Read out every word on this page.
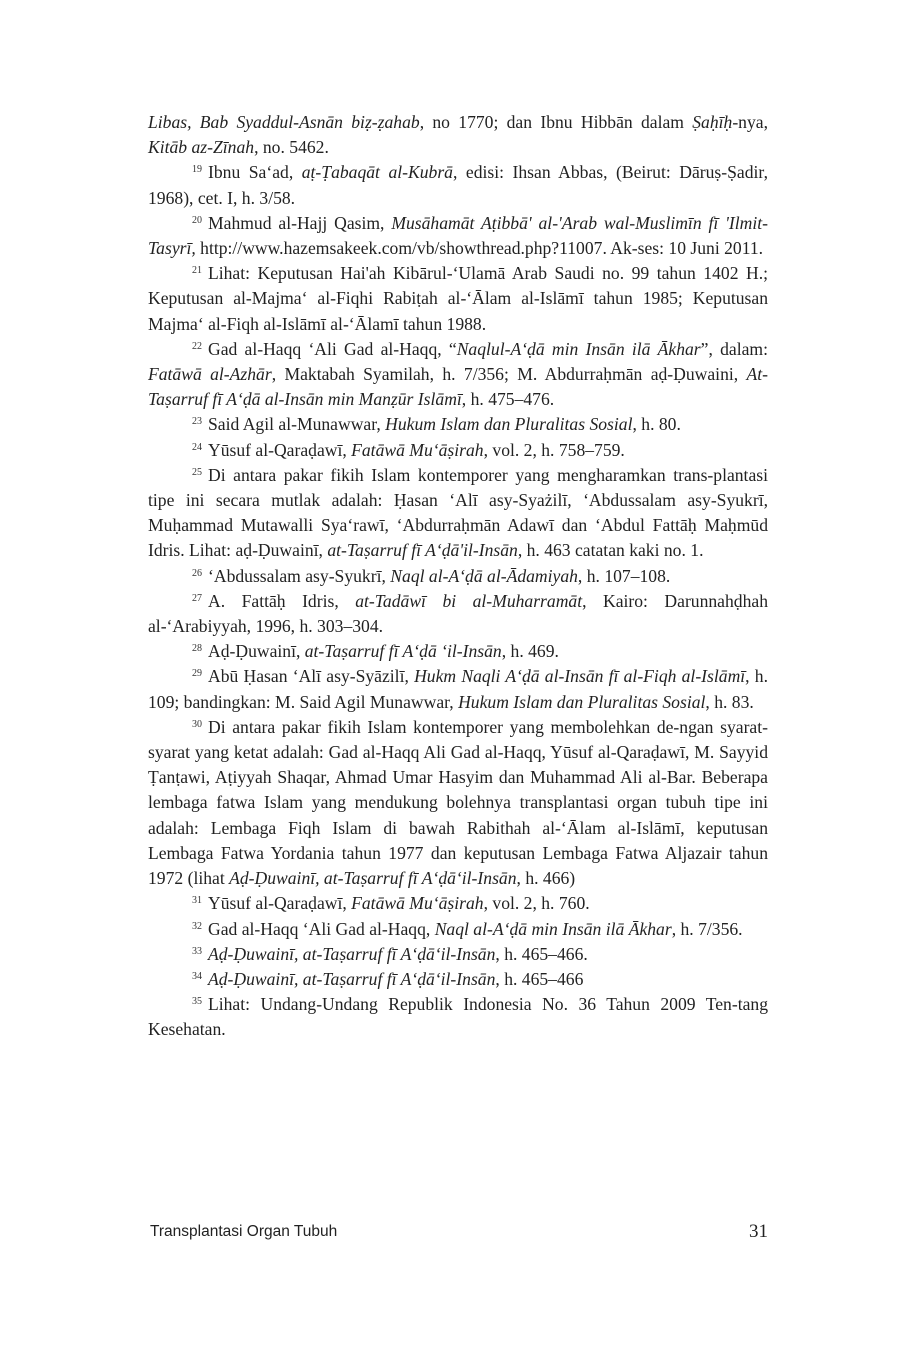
Libas, Bab Syaddul-Asnān biẓ-ẓahab, no 1770; dan Ibnu Hibbān dalam Ṣaḥīḥ-nya, Kitāb az-Zīnah, no. 5462.

$^{19}$ Ibnu Sa‘ad, aṭ-Ṭabaqāt al-Kubrā, edisi: Ihsan Abbas, (Beirut: Dāruṣ-Ṣadir, 1968), cet. I, h. 3/58.

$^{20}$ Mahmud al-Hajj Qasim, Musāhamāt Aṭibbā' al-'Arab wal-Muslimīn fī 'Ilmit-Tasyrī, http://www.hazemsakeek.com/vb/showthread.php?11007. Ak-ses: 10 Juni 2011.

$^{21}$ Lihat: Keputusan Hai'ah Kibārul-‘Ulamā Arab Saudi no. 99 tahun 1402 H.; Keputusan al-Majma‘ al-Fiqhi Rabiṭah al-‘Ālam al-Islāmī tahun 1985; Keputusan Majma‘ al-Fiqh al-Islāmī al-‘Ālamī tahun 1988.

$^{22}$ Gad al-Haqq ‘Ali Gad al-Haqq, “Naqlul-A‘ḍā min Insān ilā Ākhar”, dalam: Fatāwā al-Azhār, Maktabah Syamilah, h. 7/356; M. Abdurraḥmān aḍ-Ḍuwaini, At-Taṣarruf fī A‘ḍā al-Insān min Manẓūr Islāmī, h. 475–476.

$^{23}$ Said Agil al-Munawwar, Hukum Islam dan Pluralitas Sosial, h. 80.

$^{24}$ Yūsuf al-Qaraḍawī, Fatāwā Mu‘āṣirah, vol. 2, h. 758–759.

$^{25}$ Di antara pakar fikih Islam kontemporer yang mengharamkan trans-plantasi tipe ini secara mutlak adalah: Ḥasan ‘Alī asy-Syażilī, ‘Abdussalam asy-Syukrī, Muḥammad Mutawalli Sya‘rawī, ‘Abdurraḥmān Adawī dan ‘Abdul Fattāḥ Maḥmūd Idris. Lihat: aḍ-Ḍuwainī, at-Taṣarruf fī A‘ḍā'il-Insān, h. 463 catatan kaki no. 1.

$^{26}$ ‘Abdussalam asy-Syukrī, Naql al-A‘ḍā al-Ādamiyah, h. 107–108.

$^{27}$ A. Fattāḥ Idris, at-Tadāwī bi al-Muharramāt, Kairo: Darunnahḍhah al-‘Arabiyyah, 1996, h. 303–304.

$^{28}$ Aḍ-Ḍuwainī, at-Taṣarruf fī A‘ḍā ‘il-Insān, h. 469.

$^{29}$ Abū Ḥasan ‘Alī asy-Syāzilī, Hukm Naqli A‘ḍā al-Insān fī al-Fiqh al-Islāmī, h. 109; bandingkan: M. Said Agil Munawwar, Hukum Islam dan Pluralitas Sosial, h. 83.

$^{30}$ Di antara pakar fikih Islam kontemporer yang membolehkan de-ngan syarat-syarat yang ketat adalah: Gad al-Haqq Ali Gad al-Haqq, Yūsuf al-Qaraḍawī, M. Sayyid Ṭanṭawi, Aṭiyyah Shaqar, Ahmad Umar Hasyim dan Muhammad Ali al-Bar. Beberapa lembaga fatwa Islam yang mendukung bolehnya transplantasi organ tubuh tipe ini adalah: Lembaga Fiqh Islam di bawah Rabithah al-‘Ālam al-Islāmī, keputusan Lembaga Fatwa Yordania tahun 1977 dan keputusan Lembaga Fatwa Aljazair tahun 1972 (lihat Aḍ-Ḍuwainī, at-Taṣarruf fī A‘ḍā‘il-Insān, h. 466)

$^{31}$ Yūsuf al-Qaraḍawī, Fatāwā Mu‘āṣirah, vol. 2, h. 760.

$^{32}$ Gad al-Haqq ‘Ali Gad al-Haqq, Naql al-A‘ḍā min Insān ilā Ākhar, h. 7/356.

$^{33}$ Aḍ-Ḍuwainī, at-Taṣarruf fī A‘ḍā‘il-Insān, h. 465–466.

$^{34}$ Aḍ-Ḍuwainī, at-Taṣarruf fī A‘ḍā‘il-Insān, h. 465–466

$^{35}$ Lihat: Undang-Undang Republik Indonesia No. 36 Tahun 2009 Ten-tang Kesehatan.

Transplantasi Organ Tubuh	31
